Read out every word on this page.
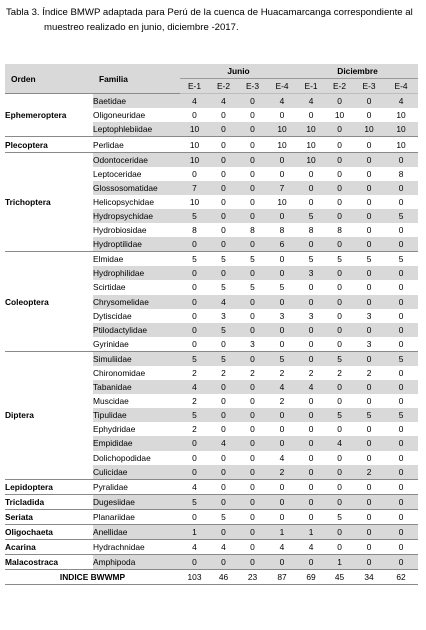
Tabla 3. Índice BMWP adaptada para Perú de la cuenca de Huacamarcanga correspondiente al
muestreo realizado en junio, diciembre -2017.
Orden	Familia	Junio				Diciembre			
		E-1	E-2	E-3	E-4	E-1	E-2	E-3	E-4
Ephemeroptera	Baetidae	4	4	0	4	4	0	0	4
	Oligoneuridae	0	0	0	0	0	10	0	10
	Leptophlebiidae	10	0	0	10	10	0	10	10
Plecoptera	Perlidae	10	0	0	10	10	0	0	10
Trichoptera	Odontoceridae	10	0	0	0	10	0	0	0
	Leptoceridae	0	0	0	0	0	0	0	8
	Glossosomatidae	7	0	0	7	0	0	0	0
	Helicopsychidae	10	0	0	10	0	0	0	0
	Hydropsychidae	5	0	0	0	5	0	0	5
	Hydrobiosidae	8	0	8	8	8	8	0	0
	Hydroptilidae	0	0	0	6	0	0	0	0
Coleoptera	Elmidae	5	5	5	0	5	5	5	5
	Hydrophilidae	0	0	0	0	3	0	0	0
	Scirtidae	0	5	5	5	0	0	0	0
	Chrysomelidae	0	4	0	0	0	0	0	0
	Dytiscidae	0	3	0	3	3	0	3	0
	Ptilodactylidae	0	5	0	0	0	0	0	0
	Gyrinidae	0	0	3	0	0	0	3	0
Diptera	Simuliidae	5	5	0	5	0	5	0	5
	Chironomidae	2	2	2	2	2	2	2	0
	Tabanidae	4	0	0	4	4	0	0	0
	Muscidae	2	0	0	2	0	0	0	0
	Tipulidae	5	0	0	0	0	5	5	5
	Ephydridae	2	0	0	0	0	0	0	0
	Empididae	0	4	0	0	0	4	0	0
	Dolichopodidae	0	0	0	4	0	0	0	0
	Culicidae	0	0	0	2	0	0	2	0
Lepidoptera	Pyralidae	4	0	0	0	0	0	0	0
Tricladida	Dugesiidae	5	0	0	0	0	0	0	0
Seriata	Planariidae	0	5	0	0	0	5	0	0
Oligochaeta	Anellidae	1	0	0	1	1	0	0	0
Acarina	Hydrachnidae	4	4	0	4	4	0	0	0
Malacostraca	Amphipoda	0	0	0	0	0	1	0	0
INDICE BWWMP		103	46	23	87	69	45	34	62
